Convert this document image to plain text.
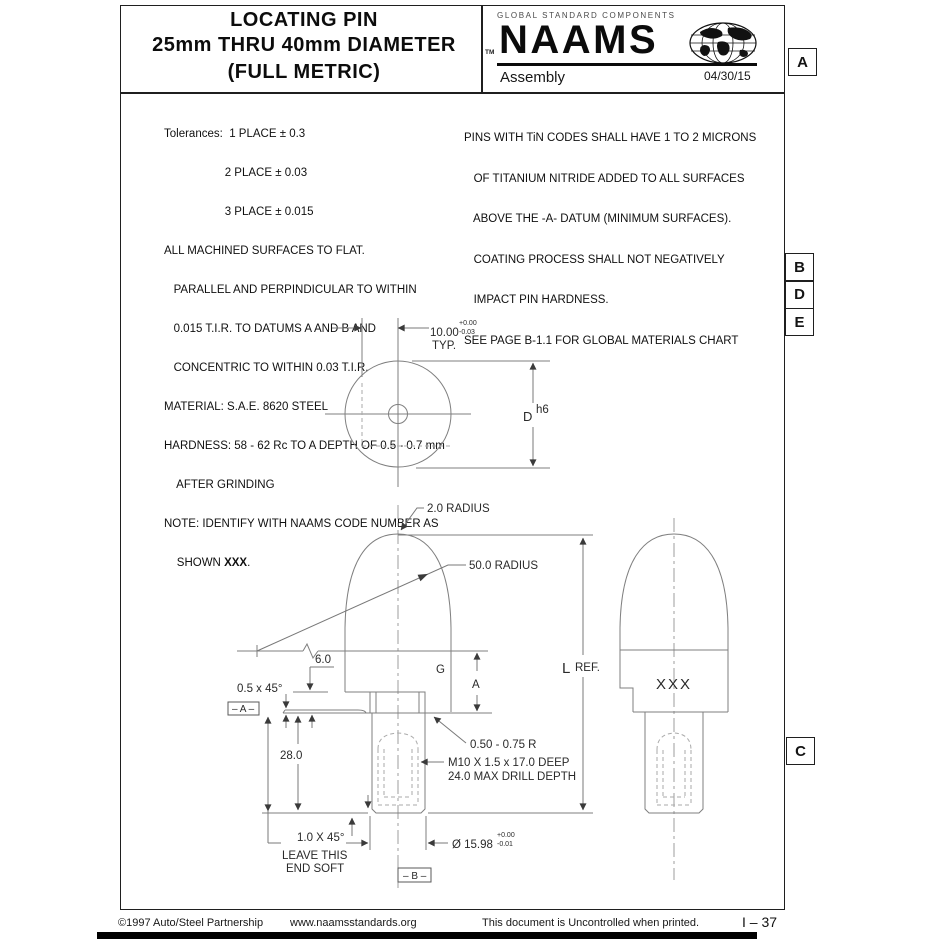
LOCATING PIN
25mm THRU 40mm DIAMETER
(FULL METRIC)
GLOBAL STANDARD COMPONENTS
TM NAAMS
Assembly	04/30/15
A
B
D
E
C

Tolerances:  1 PLACE ± 0.3

2 PLACE ± 0.03

3 PLACE ± 0.015

ALL MACHINED SURFACES TO FLAT.

PARALLEL AND PERPINDICULAR TO WITHIN

0.015 T.I.R. TO DATUMS A AND B AND

CONCENTRIC TO WITHIN 0.03 T.I.R.

MATERIAL: S.A.E. 8620 STEEL

HARDNESS: 58 - 62 Rc TO A DEPTH OF 0.5 - 0.7 mm

AFTER GRINDING

NOTE: IDENTIFY WITH NAAMS CODE NUMBER AS

SHOWN XXX.

PINS WITH TiN CODES SHALL HAVE 1 TO 2 MICRONS

OF TITANIUM NITRIDE ADDED TO ALL SURFACES

ABOVE THE -A- DATUM (MINIMUM SURFACES).

COATING PROCESS SHALL NOT NEGATIVELY

IMPACT PIN HARDNESS.

SEE PAGE B-1.1 FOR GLOBAL MATERIALS CHART

10.00
+0.00
-0.03
TYP.
D h6
2.0 RADIUS
50.0 RADIUS
6.0
0.5 x 45°
– A –
G
A
L REF.
28.0
LEAVE THIS
END SOFT
0.50 - 0.75 R
M10 X 1.5 x 17.0 DEEP
24.0 MAX DRILL DEPTH
1.0 X 45°
Ø 15.98
+0.00
-0.01
– B –
XXX
©1997 Auto/Steel Partnership www.naamsstandards.org	This document is Uncontrolled when printed.	I – 37
